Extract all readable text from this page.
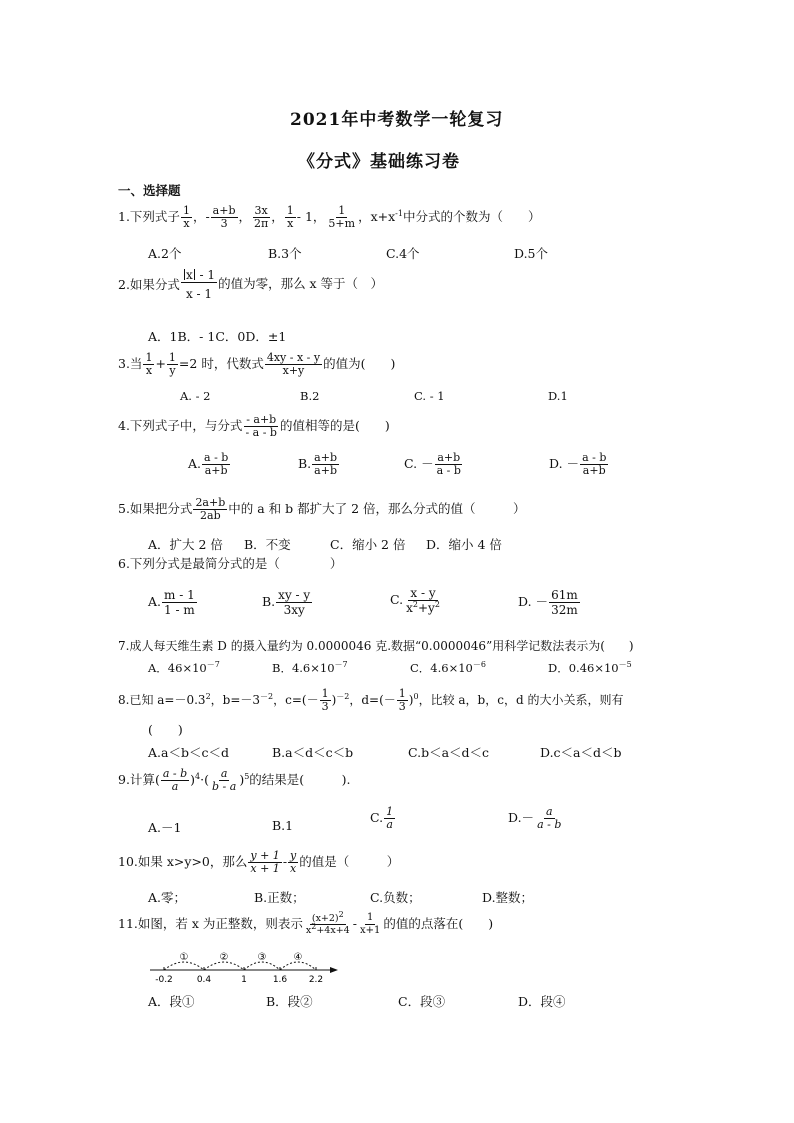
2021年中考数学一轮复习
《分式》基础练习卷
一、选择题
1.下列式子 $\frac{1}{x}$ ，- $\frac{a+b}{3}$ ， $\frac{3x}{2\pi}$ ， $\frac{1}{x} - 1$， $\frac{1}{5+m}$ ，$x+x^{-1}$中分式的个数为（　　）
A.2个	B.3个	C.4个	D.5个
2.如果分式 $\frac{x - 1}{x - 1}$ 的值为零，那么 x 等于（　）
A．1B．- 1C．0D．±1
3.当 $\frac{1}{x} + \frac{1}{y} =2$ 时，代数式 $\frac{4xy - x - y}{x+y}$ 的值为(　　)
A. - 2	B.2	C. - 1	D.1
4.下列式子中，与分式 $\frac{- a+b}{- a - b}$ 的值相等的是(　　)
A. $\frac{a - b}{a+b}$	B. $\frac{a+b}{a+b}$	C. － $\frac{a+b}{a - b}$	D. － $\frac{a - b}{a+b}$
5.如果把分式 $\frac{2a+b}{2ab}$ 中的 a 和 b 都扩大了 2 倍，那么分式的值（　　　）
A．扩大 2 倍 B．不变	C．缩小 2 倍 D．缩小 4 倍
6.下列分式是最简分式的是（　　　　）
A. $\frac{m - 1}{1 - m}$	B. $\frac{xy - y}{3xy}$	C. $\frac{x - y}{x^2+y^2}$	D. － $\frac{61m}{32m}$
7.成人每天维生素 D 的摄入量约为 0.0000046 克.数据“0.0000046”用科学记数法表示为(　　)
A．$46\times 10^{-7}$	B．$4.6\times 10^{-7}$	C．$4.6\times 10^{-6}$	D．$0.46\times 10^{-5}$
8.已知 $a=-0.3^2$，$b=-3^{-2}$，$c=(- \frac{1}{3} )^{-2}$，$d=(- \frac{1}{3} )^0$，比较 a，b，c，d 的大小关系，则有
(　　)
A.a＜b＜c＜d	B.a＜d＜c＜b	C.b＜a＜d＜c	D.c＜a＜d＜b
9.计算( $\frac{a - b}{a} )^4\cdot( \frac{a}{b - a} )^5$的结果是(　　　).
A.－1	B.1
C. $\frac{1}{a}$	$D.- \frac{a}{a - b}$
10.如果 x>y>0，那么 $\frac{y + 1}{x + 1} - \frac{y}{x}$ 的值是（　　　）
A.零；	B.正数；	C.负数；	D.整数；
11.如图，若 x 为正整数，则表示 $\frac{(x+2)^2}{x^2+4x+4} - \frac{1}{x+1}$ 的值的点落在(　　)
①	②	③	④
-0.2	0.4	1	1.6 2.2
A．段①	B．段②	C．段③	D．段④
